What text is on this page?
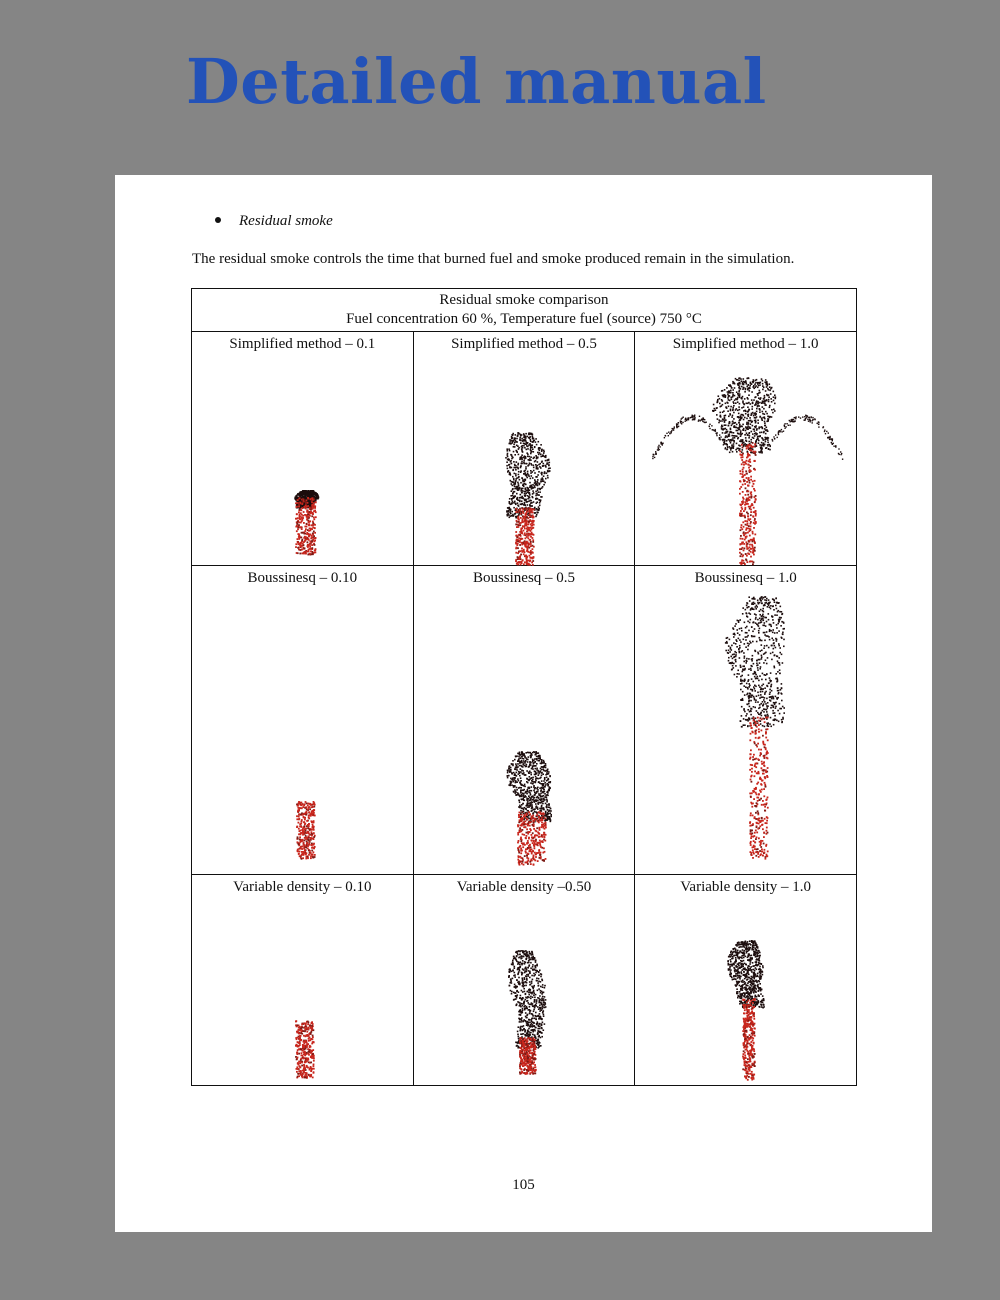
Detailed manual
Residual smoke
The residual smoke controls the time that burned fuel and smoke produced remain in the simulation.
Residual smoke comparison
Fuel concentration 60 %, Temperature fuel (source) 750 °C		

Simplified method – 0.1	Simplified method – 0.5	Simplified method – 1.0

Boussinesq – 0.10	Boussinesq – 0.5	Boussinesq – 1.0

Variable density – 0.10	Variable density –0.50	Variable density – 1.0
105
